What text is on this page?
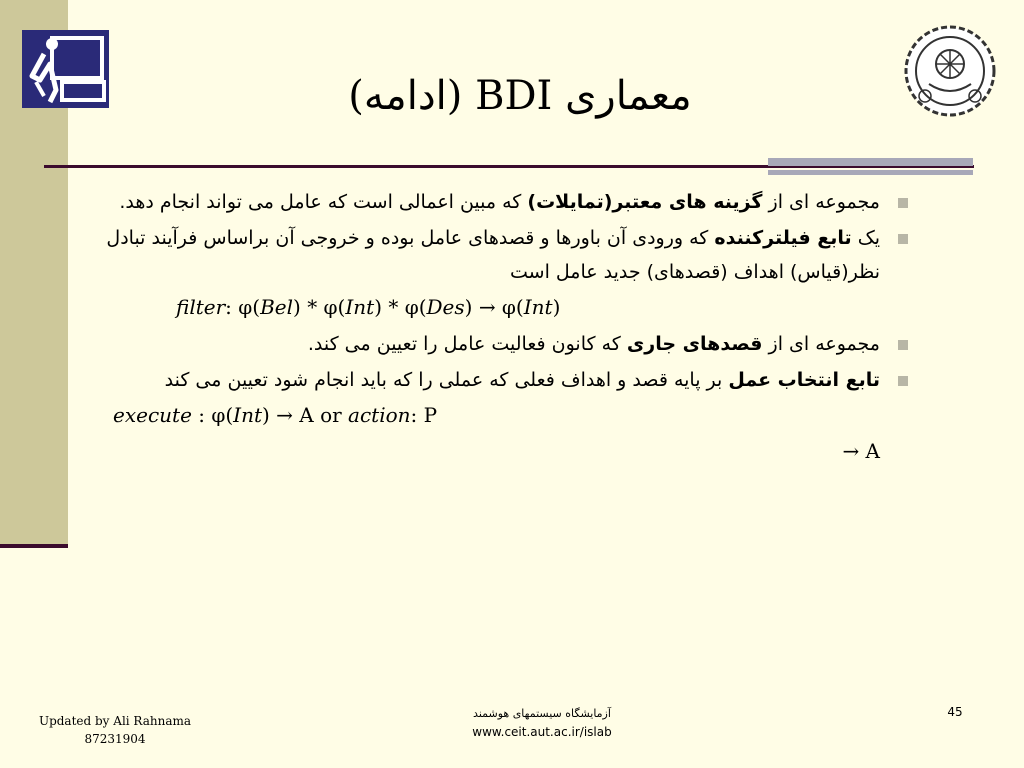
معماری BDI (ادامه)
مجموعه ای از گزینه های معتبر(تمایلات) که مبین اعمالی است که عامل می تواند انجام دهد.
یک تابع فیلترکننده که ورودی آن باورها و قصدهای عامل بوده و خروجی آن براساس فرآیند تبادل نظر(قیاس) اهداف (قصدهای) جدید عامل است
filter: φ(Bel) * φ(Int) * φ(Des) → φ(Int)
مجموعه ای از قصدهای جاری که کانون فعالیت عامل را تعیین می کند.
تابع انتخاب عمل بر پایه قصد و اهداف فعلی که عملی را که باید انجام شود تعیین می کند
execute : φ(Int) → A or action: P
→ A
Updated by Ali Rahnama
87231904
آزمایشگاه سیستمهای هوشمند
www.ceit.aut.ac.ir/islab
45
